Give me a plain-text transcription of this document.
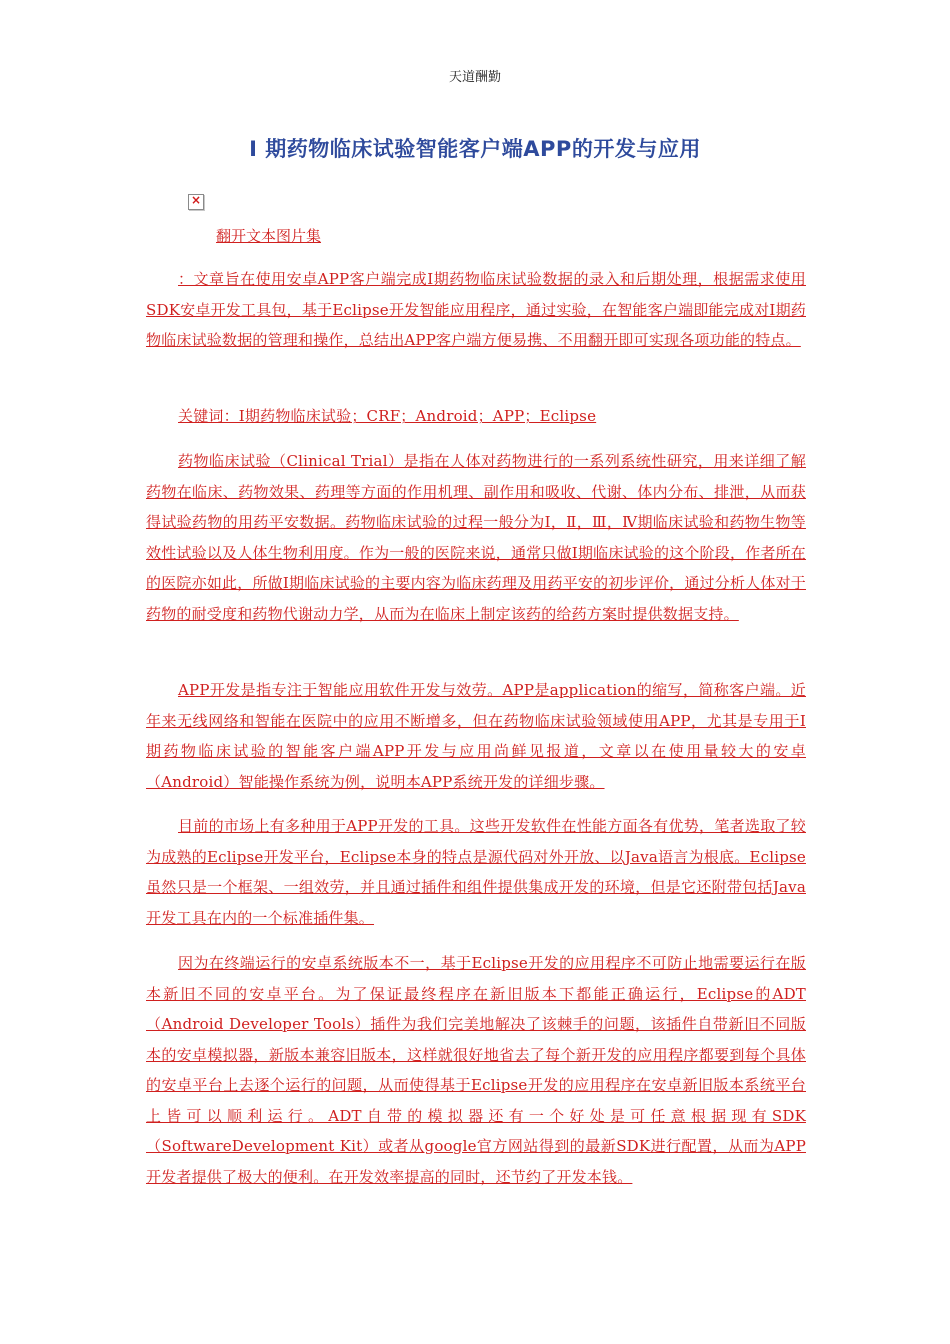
天道酬勤
Ⅰ 期药物临床试验智能客户端APP的开发与应用
×
翻开文本图片集

：文章旨在使用安卓APP客户端完成Ⅰ期药物临床试验数据的录入和后期处理，根据需求使用SDK安卓开发工具包，基于Eclipse开发智能应用程序，通过实验，在智能客户端即能完成对Ⅰ期药物临床试验数据的管理和操作，总结出APP客户端方便易携、不用翻开即可实现各项功能的特点。

关键词：Ⅰ期药物临床试验；CRF；Android；APP；Eclipse

药物临床试验（Clinical Trial）是指在人体对药物进行的一系列系统性研究，用来详细了解药物在临床、药物效果、药理等方面的作用机理、副作用和吸收、代谢、体内分布、排泄，从而获得试验药物的用药平安数据。药物临床试验的过程一般分为Ⅰ，Ⅱ，Ⅲ，Ⅳ期临床试验和药物生物等效性试验以及人体生物利用度。作为一般的医院来说，通常只做Ⅰ期临床试验的这个阶段，作者所在的医院亦如此，所做Ⅰ期临床试验的主要内容为临床药理及用药平安的初步评价，通过分析人体对于药物的耐受度和药物代谢动力学，从而为在临床上制定该药的给药方案时提供数据支持。

APP开发是指专注于智能应用软件开发与效劳。APP是application的缩写，简称客户端。近年来无线网络和智能在医院中的应用不断增多，但在药物临床试验领域使用APP，尤其是专用于Ⅰ期药物临床试验的智能客户端APP开发与应用尚鲜见报道，文章以在使用量较大的安卓（Android）智能操作系统为例，说明本APP系统开发的详细步骤。

目前的市场上有多种用于APP开发的工具。这些开发软件在性能方面各有优势，笔者选取了较为成熟的Eclipse开发平台，Eclipse本身的特点是源代码对外开放、以Java语言为根底。Eclipse虽然只是一个框架、一组效劳，并且通过插件和组件提供集成开发的环境，但是它还附带包括Java开发工具在内的一个标准插件集。

因为在终端运行的安卓系统版本不一，基于Eclipse开发的应用程序不可防止地需要运行在版本新旧不同的安卓平台。为了保证最终程序在新旧版本下都能正确运行，Eclipse的ADT（Android Developer Tools）插件为我们完美地解决了该棘手的问题，该插件自带新旧不同版本的安卓模拟器，新版本兼容旧版本，这样就很好地省去了每个新开发的应用程序都要到每个具体的安卓平台上去逐个运行的问题，从而使得基于Eclipse开发的应用程序在安卓新旧版本系统平台上皆可以顺利运行。ADT自带的模拟器还有一个好处是可任意根据现有SDK（SoftwareDevelopment Kit）或者从google官方网站得到的最新SDK进行配置，从而为APP开发者提供了极大的便利。在开发效率提高的同时，还节约了开发本钱。
